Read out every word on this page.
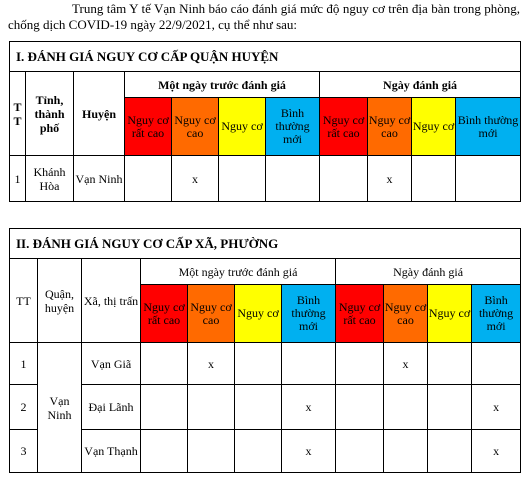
Trung tâm Y tế Vạn Ninh báo cáo đánh giá mức độ nguy cơ trên địa bàn trong phòng, chống dịch COVID-19 ngày 22/9/2021, cụ thể như sau:
I. ĐÁNH GIÁ NGUY CƠ CẤP QUẬN HUYỆN										
T
T	Tỉnh, thành phố	Huyện	Một ngày trước đánh giá				Ngày đánh giá			
			Nguy cơ rất cao	Nguy cơ cao	Nguy cơ	Bình thường mới	Nguy cơ rất cao	Nguy cơ cao	Nguy cơ	Bình thường mới
1	Khánh Hòa	Vạn Ninh		x				x		
II. ĐÁNH GIÁ NGUY CƠ CẤP XÃ, PHƯỜNG										
TT	Quận, huyện	Xã, thị trấn	Một ngày trước đánh giá				Ngày đánh giá			
			Nguy cơ rất cao	Nguy cơ cao	Nguy cơ	Bình thường mới	Nguy cơ rất cao	Nguy cơ cao	Nguy cơ	Bình thường mới
1	Vạn Ninh	Vạn Giã		x				x		
2		Đại Lãnh				x				x
3		Vạn Thạnh				x				x
